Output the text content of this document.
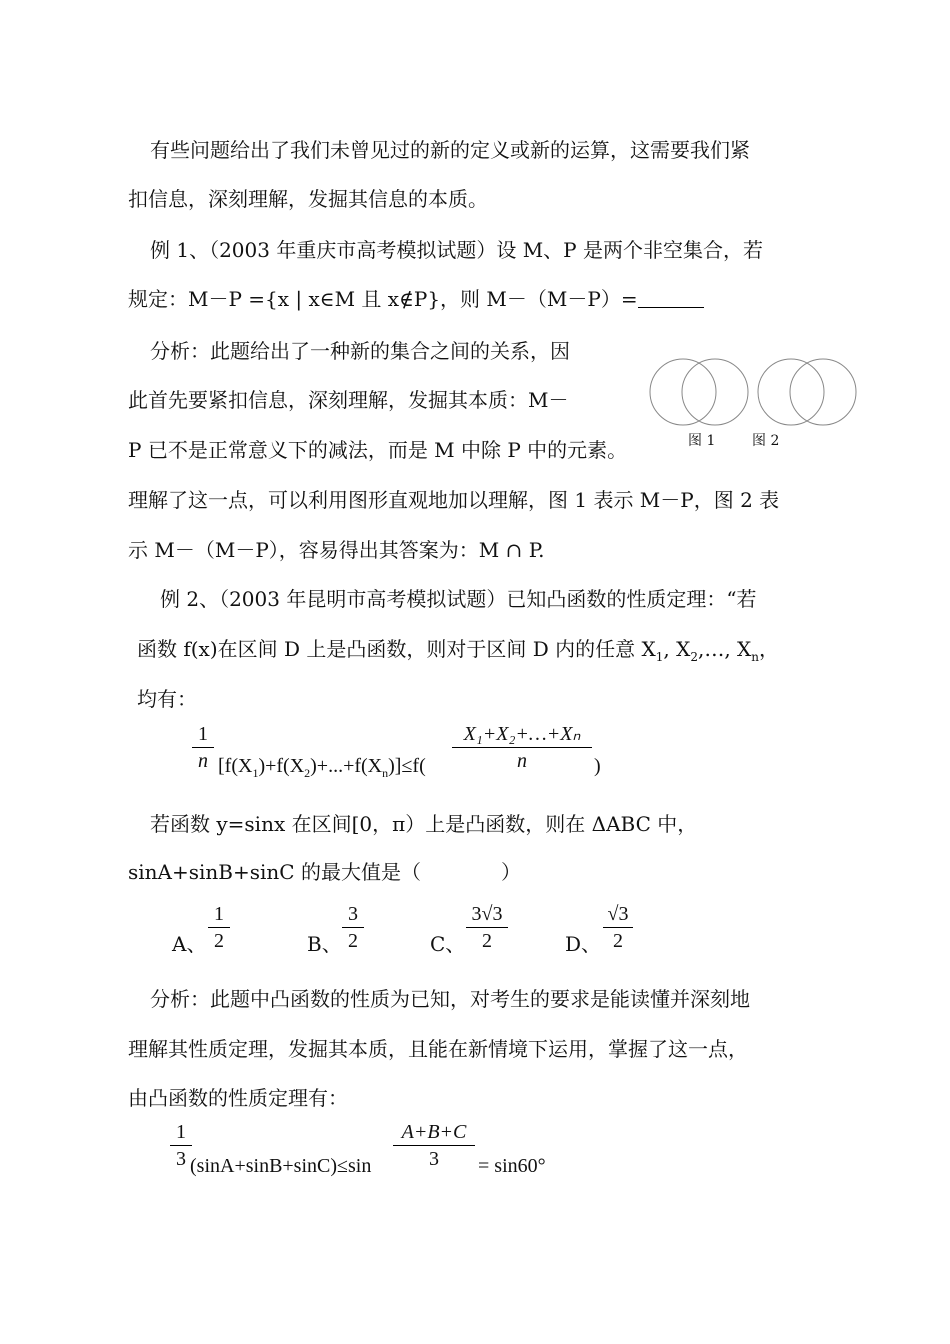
有些问题给出了我们未曾见过的新的定义或新的运算，这需要我们紧
扣信息，深刻理解，发掘其信息的本质。
例 1、（2003 年重庆市高考模拟试题）设 M、P 是两个非空集合，若
规定：M－P ={x | x∈M 且 x∉P}，则 M－（M－P）=
分析：此题给出了一种新的集合之间的关系，因
此首先要紧扣信息，深刻理解，发掘其本质：M－
P 已不是正常意义下的减法，而是 M 中除 P 中的元素。
理解了这一点，可以利用图形直观地加以理解，图 1 表示 M－P，图 2 表
示 M－（M－P），容易得出其答案为：M ∩ P.
图 1	图 2
例 2、（2003 年昆明市高考模拟试题）已知凸函数的性质定理：“若
函数 f(x)在区间 D 上是凸函数，则对于区间 D 内的任意 $X_1$, $X_2,\dots$, $X_n$，
均有：
1
n $[f(X_1)+f(X_2)+...+f(X_n)]\le f$(
X₁+X₂+…+Xₙ
n	)
若函数 y=sinx 在区间[0，π）上是凸函数，则在 ΔABC 中，
sinA+sinB+sinC 的最大值是（　　　　）
A、
1
2	B、
3
2	C、
3√3
2	D、
√3
2
分析：此题中凸函数的性质为已知，对考生的要求是能读懂并深刻地
理解其性质定理，发掘其本质，且能在新情境下运用，掌握了这一点，
由凸函数的性质定理有：
1
3 (sinA+sinB+sinC)≤sin
A+B+C
3	= sin60°
